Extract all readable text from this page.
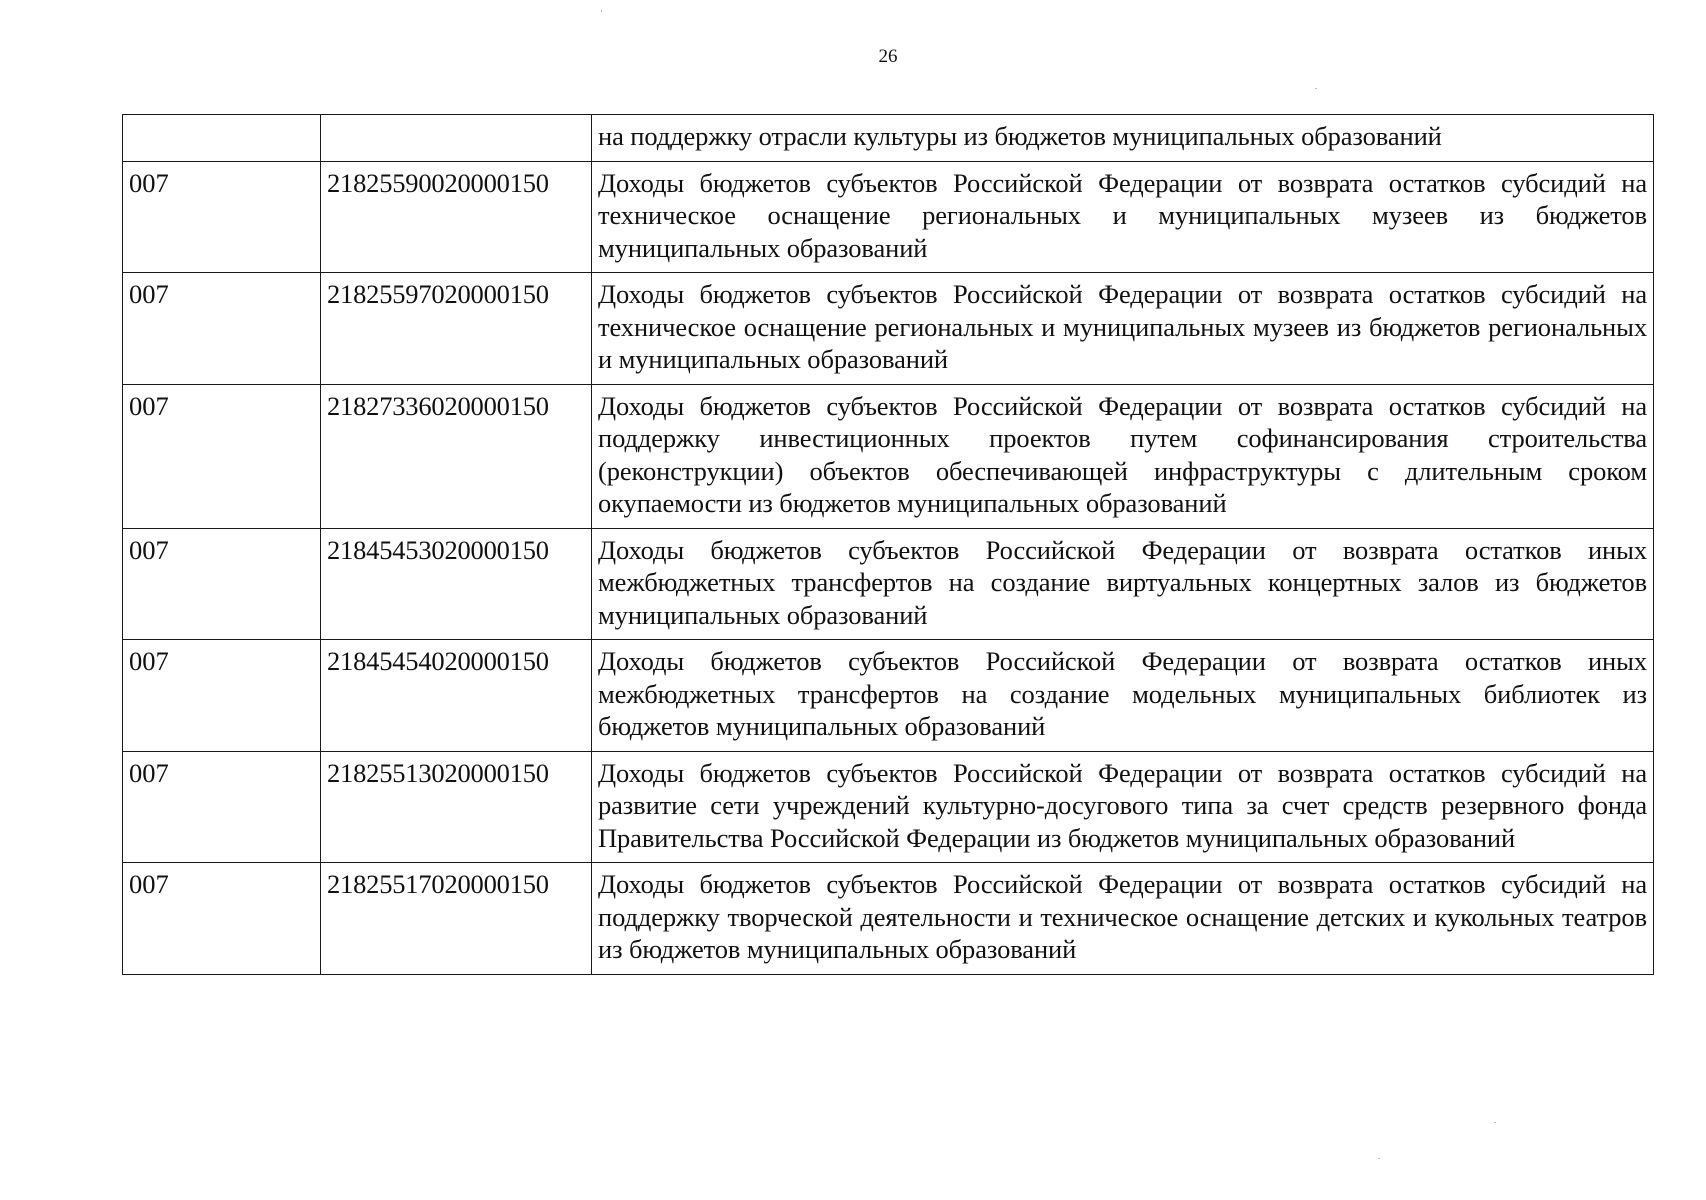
26
		на поддержку отрасли культуры из бюджетов муниципальных образований
007	21825590020000150	Доходы бюджетов субъектов Российской Федерации от возврата остатков субсидий на техническое оснащение региональных и муниципальных музеев из бюджетов муниципальных образований
007	21825597020000150	Доходы бюджетов субъектов Российской Федерации от возврата остатков субсидий на техническое оснащение региональных и муниципальных музеев из бюджетов региональных и муниципальных образований
007	21827336020000150	Доходы бюджетов субъектов Российской Федерации от возврата остатков субсидий на поддержку инвестиционных проектов путем софинансирования строительства (реконструкции) объектов обеспечивающей инфраструктуры с длительным сроком окупаемости из бюджетов муниципальных образований
007	21845453020000150	Доходы бюджетов субъектов Российской Федерации от возврата остатков иных межбюджетных трансфертов на создание виртуальных концертных залов из бюджетов муниципальных образований
007	21845454020000150	Доходы бюджетов субъектов Российской Федерации от возврата остатков иных межбюджетных трансфертов на создание модельных муниципальных библиотек из бюджетов муниципальных образований
007	21825513020000150	Доходы бюджетов субъектов Российской Федерации от возврата остатков субсидий на развитие сети учреждений культурно-досугового типа за счет средств резервного фонда Правительства Российской Федерации из бюджетов муниципальных образований
007	21825517020000150	Доходы бюджетов субъектов Российской Федерации от возврата остатков субсидий на поддержку творческой деятельности и техническое оснащение детских и кукольных театров из бюджетов муниципальных образований
